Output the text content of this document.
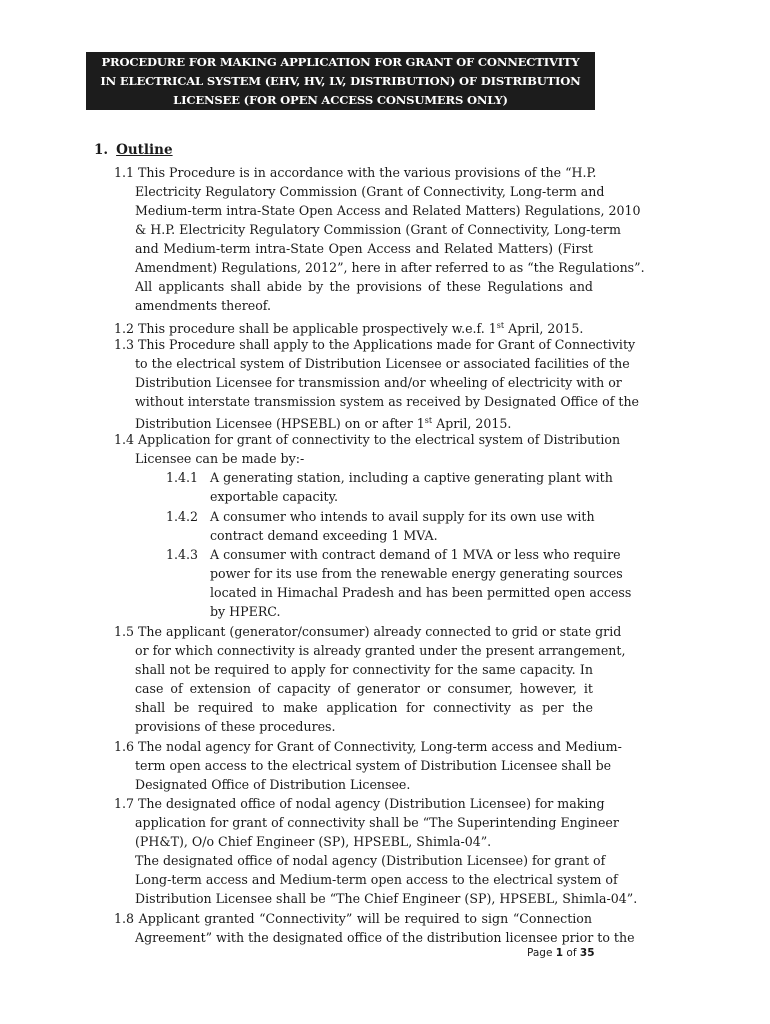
PROCEDURE FOR MAKING APPLICATION FOR GRANT OF CONNECTIVITY
IN ELECTRICAL SYSTEM (EHV, HV, LV, DISTRIBUTION) OF DISTRIBUTION
LICENSEE (FOR OPEN ACCESS CONSUMERS ONLY)
1. Outline
1.1 This Procedure is in accordance with the various provisions of the “H.P.
Electricity Regulatory Commission (Grant of Connectivity, Long-term and
Medium-term intra-State Open Access and Related Matters) Regulations, 2010
& H.P. Electricity Regulatory Commission (Grant of Connectivity, Long-term
and Medium-term intra-State Open Access and Related Matters) (First
Amendment) Regulations, 2012”, here in after referred to as “the Regulations”.
All applicants shall abide by the provisions of these Regulations and
amendments thereof.
1.2 This procedure shall be applicable prospectively w.e.f. 1st April, 2015.
1.3 This Procedure shall apply to the Applications made for Grant of Connectivity
to the electrical system of Distribution Licensee or associated facilities of the
Distribution Licensee for transmission and/or wheeling of electricity with or
without interstate transmission system as received by Designated Office of the
Distribution Licensee (HPSEBL) on or after 1st April, 2015.
1.4 Application for grant of connectivity to the electrical system of Distribution
Licensee can be made by:-
1.4.1 A generating station, including a captive generating plant with
exportable capacity.
1.4.2 A consumer who intends to avail supply for its own use with
contract demand exceeding 1 MVA.
1.4.3 A consumer with contract demand of 1 MVA or less who require
power for its use from the renewable energy generating sources
located in Himachal Pradesh and has been permitted open access
by HPERC.
1.5 The applicant (generator/consumer) already connected to grid or state grid
or for which connectivity is already granted under the present arrangement,
shall not be required to apply for connectivity for the same capacity. In
case of extension of capacity of generator or consumer, however, it
shall be required to make application for connectivity as per the
provisions of these procedures.
1.6 The nodal agency for Grant of Connectivity, Long-term access and Medium-
term open access to the electrical system of Distribution Licensee shall be
Designated Office of Distribution Licensee.
1.7 The designated office of nodal agency (Distribution Licensee) for making
application for grant of connectivity shall be “The Superintending Engineer
(PH&T), O/o Chief Engineer (SP), HPSEBL, Shimla-04”.
The designated office of nodal agency (Distribution Licensee) for grant of
Long-term access and Medium-term open access to the electrical system of
Distribution Licensee shall be “The Chief Engineer (SP), HPSEBL, Shimla-04”.
1.8 Applicant granted “Connectivity” will be required to sign “Connection
Agreement” with the designated office of the distribution licensee prior to the
Page 1 of 35
